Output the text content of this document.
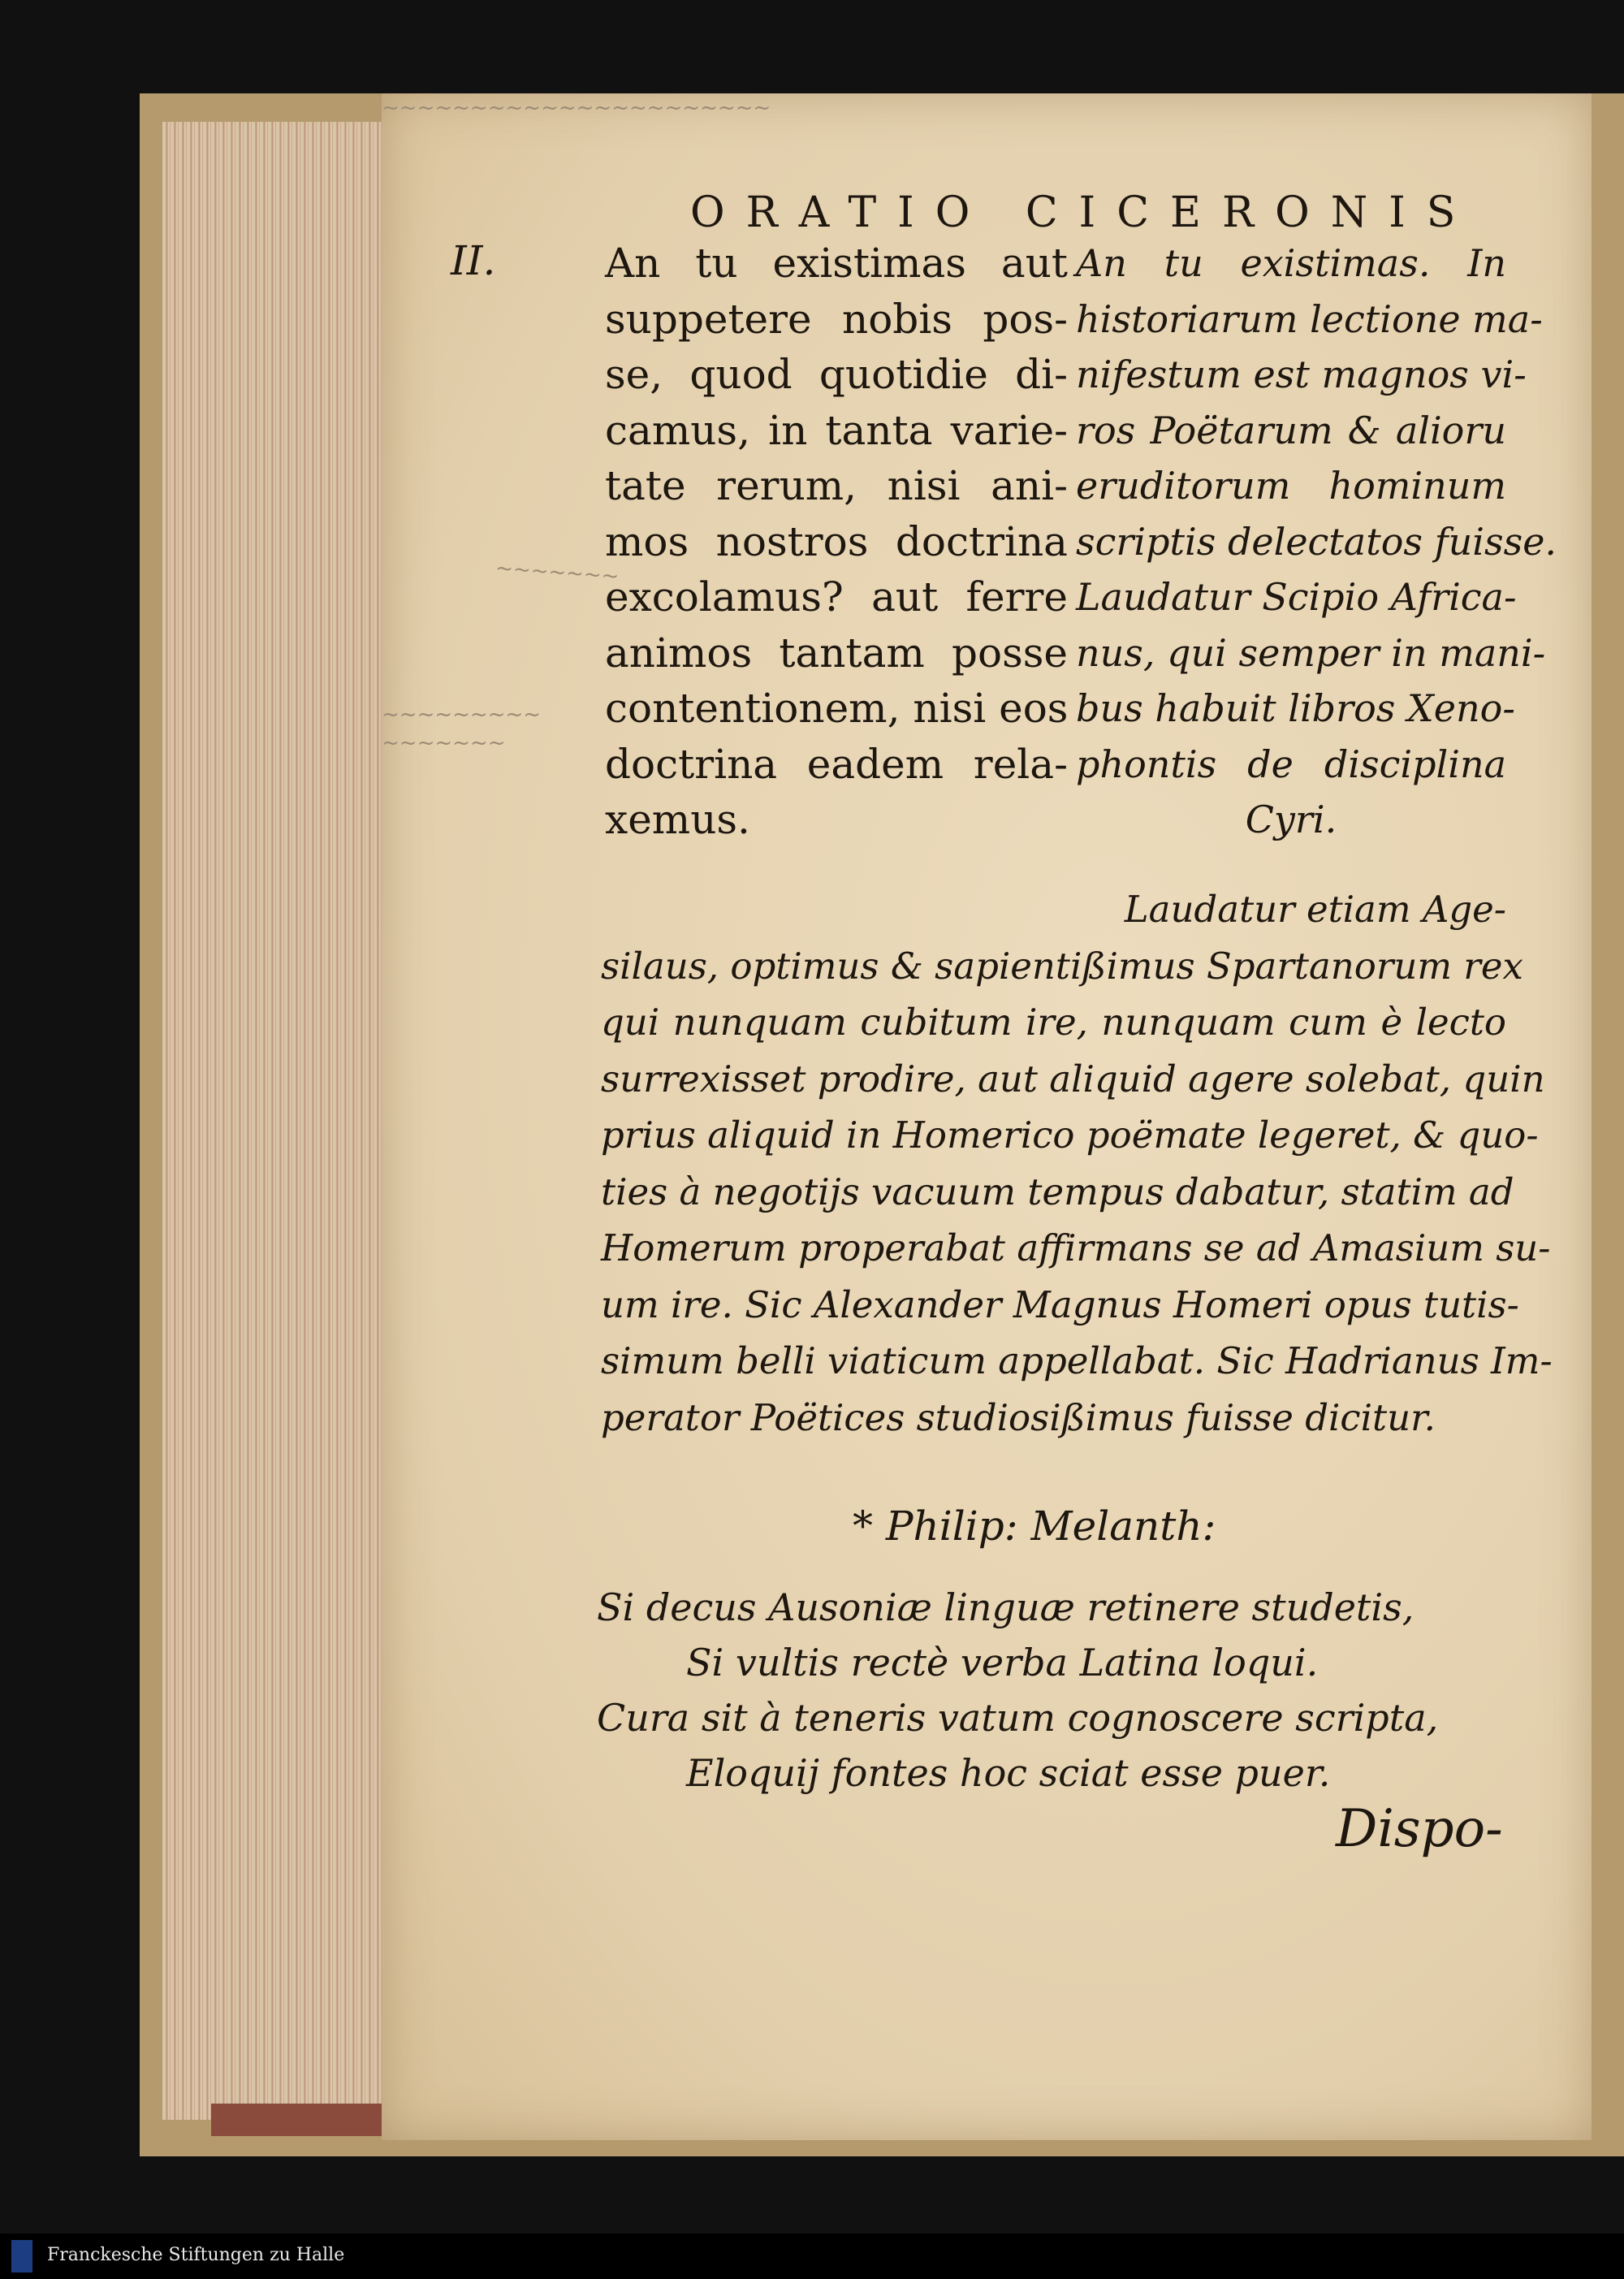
~~~~~~~~~~~~~~~~~~~~~~
~~~~~~~
~~~~~~~~~
~~~~~~~
ORATIO CICERONIS
II.	An tu existimas aut
suppetere nobis pos-
se, quod quotidie di-
camus, in tanta varie-
tate rerum, nisi ani-
mos nostros doctrina
excolamus? aut ferre
animos tantam posse
contentionem, nisi eos
doctrina eadem rela-
xemus.
An tu existimas. In
historiarum lectione ma-
nifestum est magnos vi-
ros Poëtarum & alioru
eruditorum hominum
scriptis delectatos fuisse.
Laudatur Scipio Africa-
nus, qui semper in mani-
bus habuit libros Xeno-
phontis de disciplina
Cyri.
Laudatur etiam Age-
silaus, optimus & sapientißimus Spartanorum rex
qui nunquam cubitum ire, nunquam cum è lecto
surrexisset prodire, aut aliquid agere solebat, quin
prius aliquid in Homerico poëmate legeret, & quo-
ties à negotijs vacuum tempus dabatur, statim ad
Homerum properabat affirmans se ad Amasium su-
um ire. Sic Alexander Magnus Homeri opus tutis-
simum belli viaticum appellabat. Sic Hadrianus Im-
perator Poëtices studiosißimus fuisse dicitur.
* Philip: Melanth:
Si decus Ausoniæ linguæ retinere studetis,
Si vultis rectè verba Latina loqui.
Cura sit à teneris vatum cognoscere scripta,
Eloquij fontes hoc sciat esse puer.
Dispo-
Franckesche Stiftungen zu Halle
